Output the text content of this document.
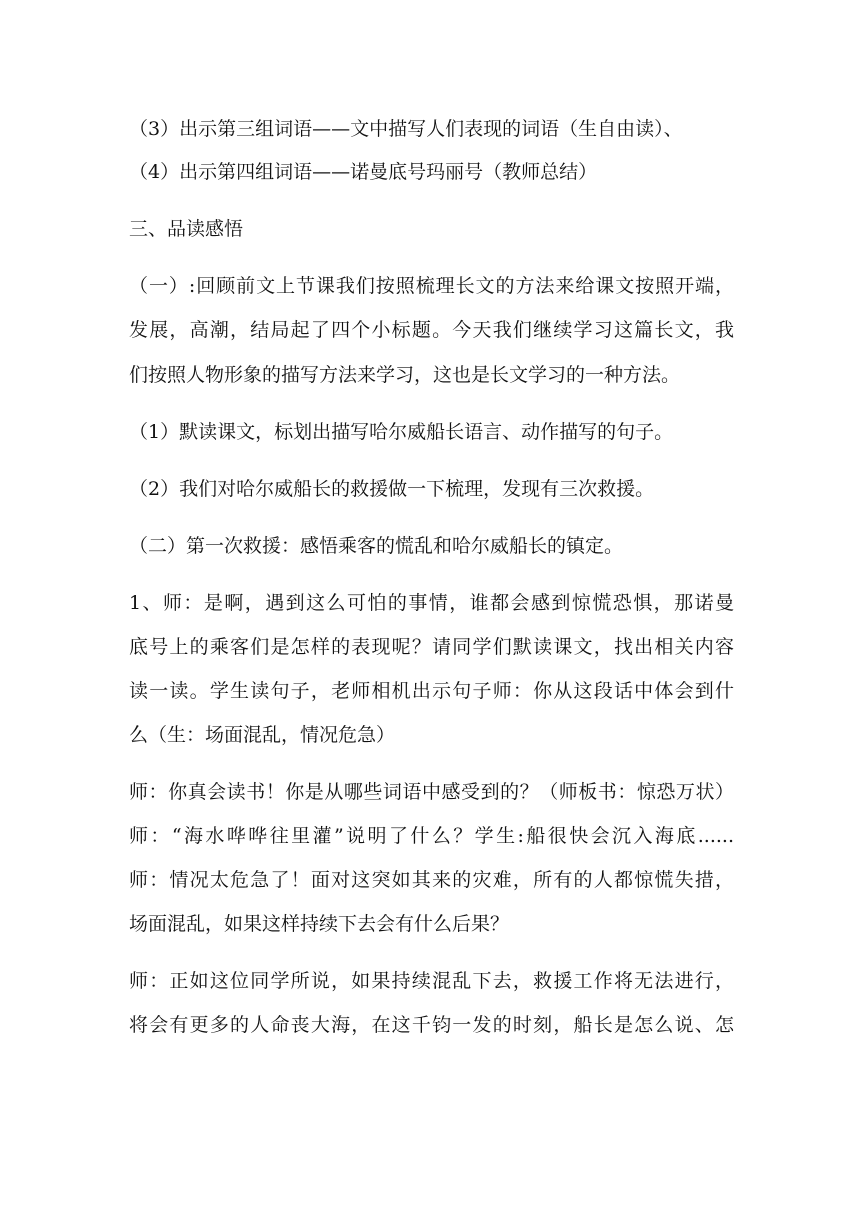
（3）出示第三组词语——文中描写人们表现的词语（生自由读）、
（4）出示第四组词语——诺曼底号玛丽号（教师总结）
三、品读感悟
（一）:回顾前文上节课我们按照梳理长文的方法来给课文按照开端，
发展，高潮，结局起了四个小标题。今天我们继续学习这篇长文，我
们按照人物形象的描写方法来学习，这也是长文学习的一种方法。
（1）默读课文，标划出描写哈尔威船长语言、动作描写的句子。
（2）我们对哈尔威船长的救援做一下梳理，发现有三次救援。
（二）第一次救援：感悟乘客的慌乱和哈尔威船长的镇定。
1、师：是啊，遇到这么可怕的事情，谁都会感到惊慌恐惧，那诺曼
底号上的乘客们是怎样的表现呢？请同学们默读课文，找出相关内容
读一读。学生读句子，老师相机出示句子师：你从这段话中体会到什
么（生：场面混乱，情况危急）
师：你真会读书！你是从哪些词语中感受到的？（师板书：惊恐万状）
师：“海水哗哗往里灌”说明了什么？学生:船很快会沉入海底......
师：情况太危急了！面对这突如其来的灾难，所有的人都惊慌失措，
场面混乱，如果这样持续下去会有什么后果？
师：正如这位同学所说，如果持续混乱下去，救援工作将无法进行，
将会有更多的人命丧大海，在这千钧一发的时刻，船长是怎么说、怎
